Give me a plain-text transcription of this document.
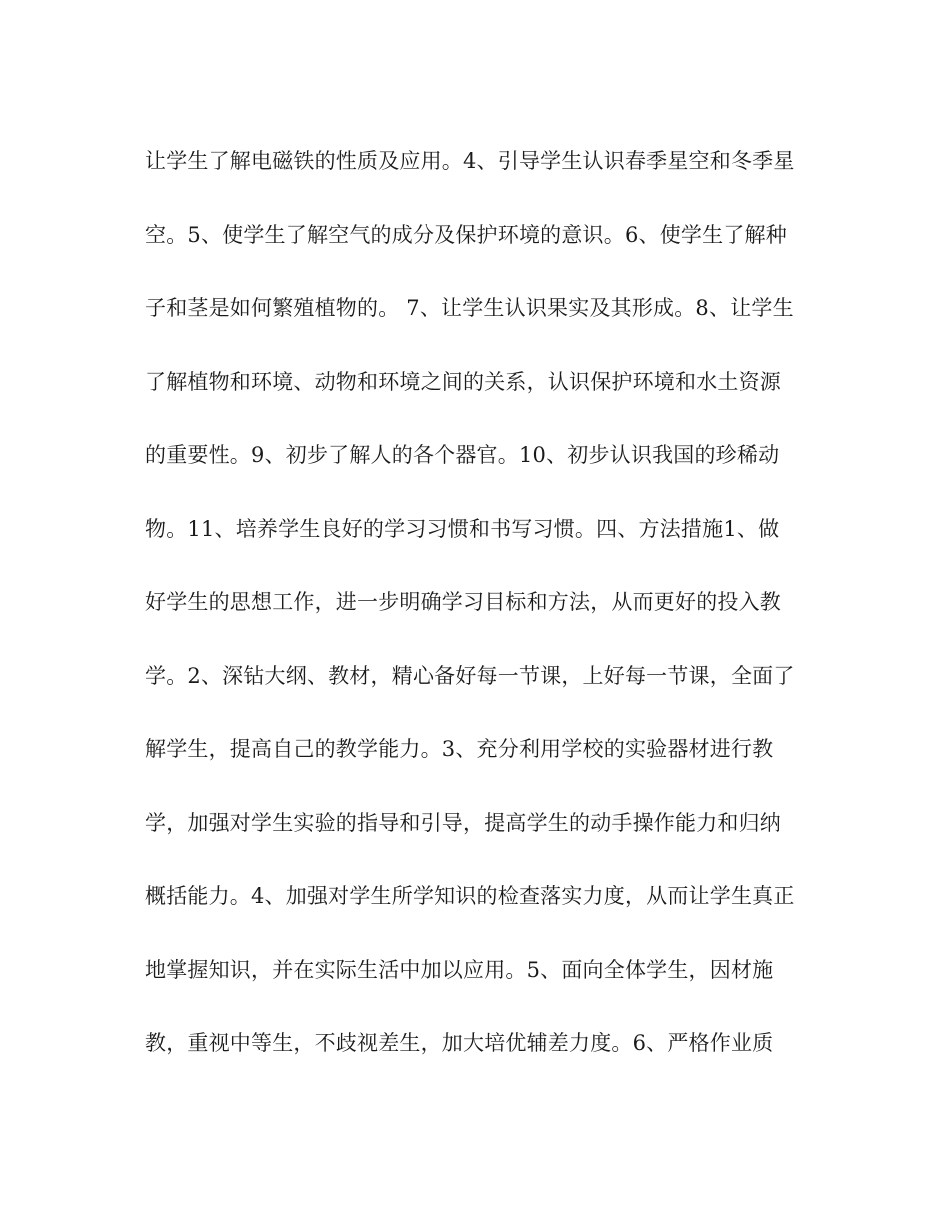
让学生了解电磁铁的性质及应用。4、引导学生认识春季星空和冬季星
空。5、使学生了解空气的成分及保护环境的意识。6、使学生了解种
子和茎是如何繁殖植物的。 7、让学生认识果实及其形成。8、让学生
了解植物和环境、动物和环境之间的关系，认识保护环境和水土资源
的重要性。9、初步了解人的各个器官。10、初步认识我国的珍稀动
物。11、培养学生良好的学习习惯和书写习惯。四、方法措施1、做
好学生的思想工作，进一步明确学习目标和方法，从而更好的投入教
学。2、深钻大纲、教材，精心备好每一节课，上好每一节课，全面了
解学生，提高自己的教学能力。3、充分利用学校的实验器材进行教
学，加强对学生实验的指导和引导，提高学生的动手操作能力和归纳
概括能力。4、加强对学生所学知识的检查落实力度，从而让学生真正
地掌握知识，并在实际生活中加以应用。5、面向全体学生，因材施
教，重视中等生，不歧视差生，加大培优辅差力度。6、严格作业质
